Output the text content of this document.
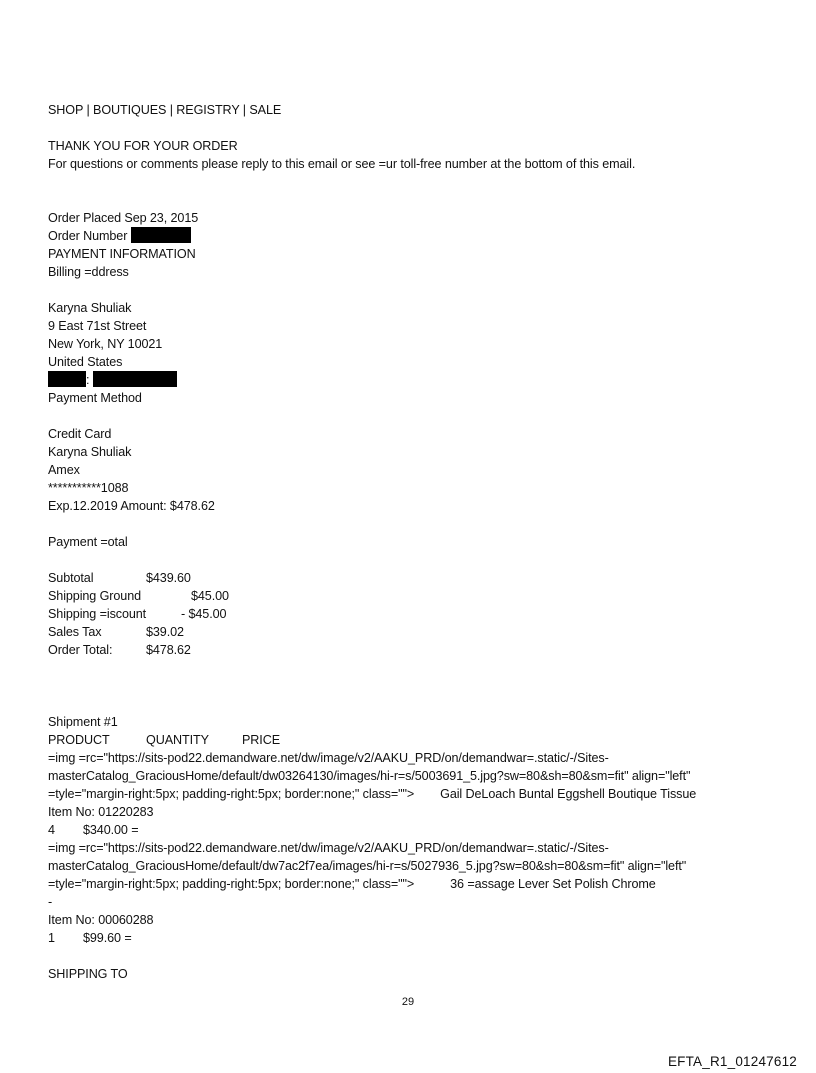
SHOP | BOUTIQUES | REGISTRY | SALE
THANK YOU FOR YOUR ORDER
For questions or comments please reply to this email or see =ur toll-free number at the bottom of this email.
Order Placed Sep 23, 2015
Order Number
PAYMENT INFORMATION
Billing =ddress
Karyna Shuliak
9 East 71st Street
New York, NY 10021
United States
:
Payment Method
Credit Card
Karyna Shuliak
Amex
***********1088
Exp.12.2019 Amount: $478.62
Payment =otal
Subtotal	$439.60
Shipping Ground	$45.00
Shipping =iscount	- $45.00
Sales Tax	$39.02
Order Total:	$478.62
Shipment #1
PRODUCT	QUANTITY	PRICE
=img =rc="https://sits-pod22.demandware.net/dw/image/v2/AAKU_PRD/on/demandwar=.static/-/Sites-
masterCatalog_GraciousHome/default/dw03264130/images/hi-r=s/5003691_5.jpg?sw=80&sh=80&sm=fit" align="left"
=tyle="margin-right:5px; padding-right:5px; border:none;" class=""> Gail DeLoach Buntal Eggshell Boutique Tissue
Item No: 01220283
4 $340.00 =
=img =rc="https://sits-pod22.demandware.net/dw/image/v2/AAKU_PRD/on/demandwar=.static/-/Sites-
masterCatalog_GraciousHome/default/dw7ac2f7ea/images/hi-r=s/5027936_5.jpg?sw=80&sh=80&sm=fit" align="left"
=tyle="margin-right:5px; padding-right:5px; border:none;" class="">	36 =assage Lever Set Polish Chrome
-
Item No: 00060288
1 $99.60 =
SHIPPING TO
29
EFTA_R1_01247612
